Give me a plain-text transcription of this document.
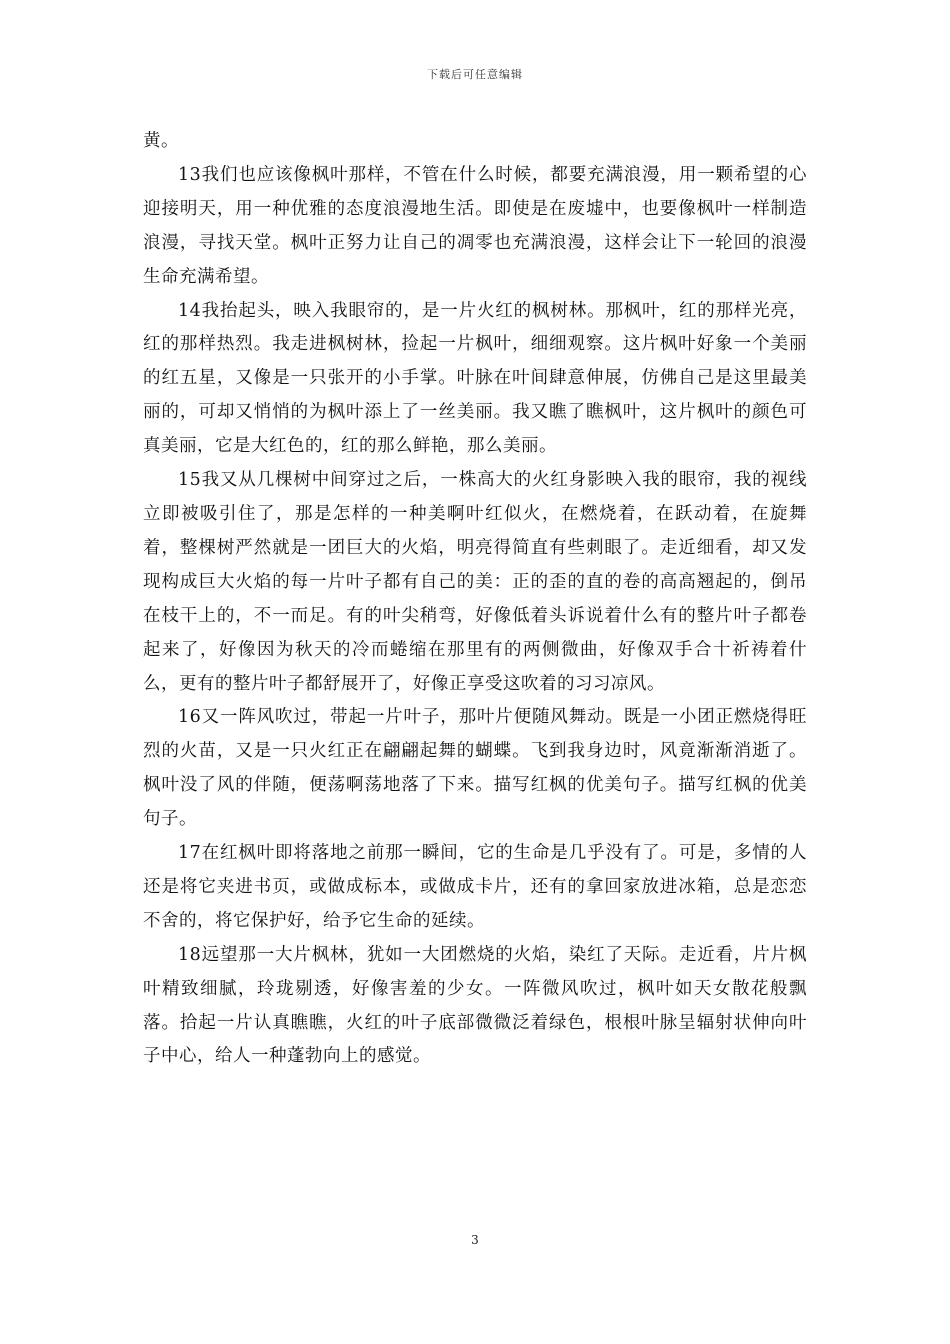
下载后可任意编辑

黄。

13我们也应该像枫叶那样，不管在什么时候，都要充满浪漫，用一颗希望的心迎接明天，用一种优雅的态度浪漫地生活。即使是在废墟中，也要像枫叶一样制造浪漫，寻找天堂。枫叶正努力让自己的凋零也充满浪漫，这样会让下一轮回的浪漫生命充满希望。

14我抬起头，映入我眼帘的，是一片火红的枫树林。那枫叶，红的那样光亮，红的那样热烈。我走进枫树林，捡起一片枫叶，细细观察。这片枫叶好象一个美丽的红五星，又像是一只张开的小手掌。叶脉在叶间肆意伸展，仿佛自己是这里最美丽的，可却又悄悄的为枫叶添上了一丝美丽。我又瞧了瞧枫叶，这片枫叶的颜色可真美丽，它是大红色的，红的那么鲜艳，那么美丽。

15我又从几棵树中间穿过之后，一株高大的火红身影映入我的眼帘，我的视线立即被吸引住了，那是怎样的一种美啊叶红似火，在燃烧着，在跃动着，在旋舞着，整棵树严然就是一团巨大的火焰，明亮得简直有些刺眼了。走近细看，却又发现构成巨大火焰的每一片叶子都有自己的美：正的歪的直的卷的高高翘起的，倒吊在枝干上的，不一而足。有的叶尖稍弯，好像低着头诉说着什么有的整片叶子都卷起来了，好像因为秋天的冷而蜷缩在那里有的两侧微曲，好像双手合十祈祷着什么，更有的整片叶子都舒展开了，好像正享受这吹着的习习凉风。

16又一阵风吹过，带起一片叶子，那叶片便随风舞动。既是一小团正燃烧得旺烈的火苗，又是一只火红正在翩翩起舞的蝴蝶。飞到我身边时，风竟渐渐消逝了。枫叶没了风的伴随，便荡啊荡地落了下来。描写红枫的优美句子。描写红枫的优美句子。

17在红枫叶即将落地之前那一瞬间，它的生命是几乎没有了。可是，多情的人还是将它夹进书页，或做成标本，或做成卡片，还有的拿回家放进冰箱，总是恋恋不舍的，将它保护好，给予它生命的延续。

18远望那一大片枫林，犹如一大团燃烧的火焰，染红了天际。走近看，片片枫叶精致细腻，玲珑剔透，好像害羞的少女。一阵微风吹过，枫叶如天女散花般飘落。拾起一片认真瞧瞧，火红的叶子底部微微泛着绿色，根根叶脉呈辐射状伸向叶子中心，给人一种蓬勃向上的感觉。

3
